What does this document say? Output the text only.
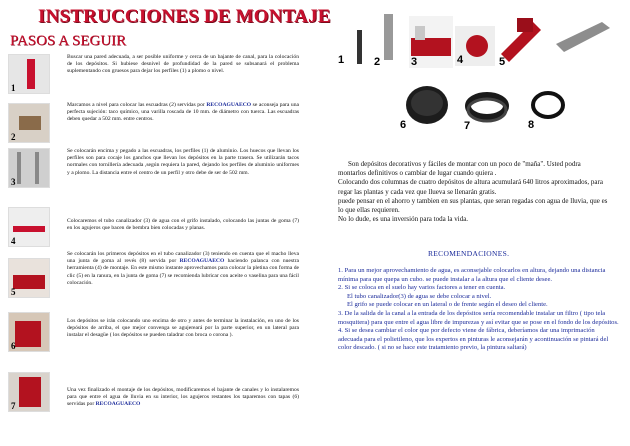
INSTRUCCIONES DE MONTAJE
PASOS A SEGUIR
1
2
3
4
5
6
7
Buscar una pared adecuada, a ser posible uniforme y cerca de un bajante de canal, para la colocación de los depósitos. Si hubiese desnivel de profundidad de la pared se subsanará el problema suplementando con gruesos para dejar los perfiles (1) a plomo o nivel.
Marcamos a nivel para colocar las escuadras (2) servidas por RECOAGUAECO se aconseja para una perfecta sujeción: taco químico, una varilla roscada de 10 mm. de diámetro con tuerca. Las escuadras deben quedar a 502 mm. entre centros.
Se colocarán encima y pegado a las escuadras, los perfiles (1) de aluminio. Los huecos que llevan los perfiles son para cocaje los ganchos que llevan los depósitos en la parte trasera. Se utilizarán tacos normales con tornillería adecuada ,según requiera la pared, dejando los perfiles de aluminio uniformes y a plomo. La distancia entre el centro de un perfil y otro debe de ser de 502 mm.
Colocaremos el tubo canalizador (3) de agua con el grifo instalado, colocando las juntas de goma (7) en los agujeros que bacen de bembra bien colocadas y planas.
Se colocarán los primeros depósitos en el tubo canalizador (3) teniendo en cuenta que el macho lleva una junta de goma al revés (8) servida por RECOAGUAECO haciendo palanca con nuestra herramienta (4) de montaje. En este mismo instante aprovechamos para colocar la pletina con forma de clic (5) en la ranura, en la junta de goma (7) se recomienda lubricar con aceite o vaselina para una fácil colocación.
Los depósitos se irán colocando uno encima de otro y antes de terminar la instalación, en uno de los depósitos de arriba, el que mejor convenga se agujereará por la parte superior, en un lateral para instalar el desagüe ( los depósitos se pueden taladrar con broca o corona ).
Una vez finalizado el montaje de los depósitos, modificaremos el bajante de canales y lo instalaremos para que entre el agua de lluvia en su interior, los agujeros restantes los taparemos con tapas (6) servidas por RECOAGUAECO
1	2	3	4	5
6	7	8
Son depósitos decorativos y fáciles de montar con un poco de "maña". Usted podra montarlos definitivos o cambiar de lugar cuando quiera .
Colocando dos columnas de cuatro depósitos de altura acumulará 640 litros aproximados, para regar las plantas y cada vez que llueva se llenarán gratis.
puede pensar en el ahorro y tambien en sus plantas, que seran regadas con agua de lluvia, que es lo que ellas requieren.
No lo dude, es una inversión para toda la vida.
RECOMENDACIONES.

1. Para un mejor aprovechamiento de agua, es aconsejable colocarlos en altura, dejando una distancia mínima para que quepa un cubo. se puede instalar a la altura que el cliente desee.

2. Si se coloca en el suelo hay varios factores a tener en cuenta.

El tubo canalizador(3) de agua se debe colocar a nivel.

El grifo se puede colocar en un lateral o de frente según el deseo del cliente.

3. De la salida de la canal a la entrada de los depósitos sería recomendable instalar un filtro ( tipo tela mosquitera) para que entre el agua libre de impurezas y así evitar que se pose en el fondo de los depósitos.

4. Si se desea cambiar el color que por defecto viene de fábrica, deberíamos dar una imprimación adecuada para el polietileno, que los expertos en pinturas le aconsejarán y acontinuación se pintará del color descado. ( si no se hace este tratamiento previo, la pintura saltará)
